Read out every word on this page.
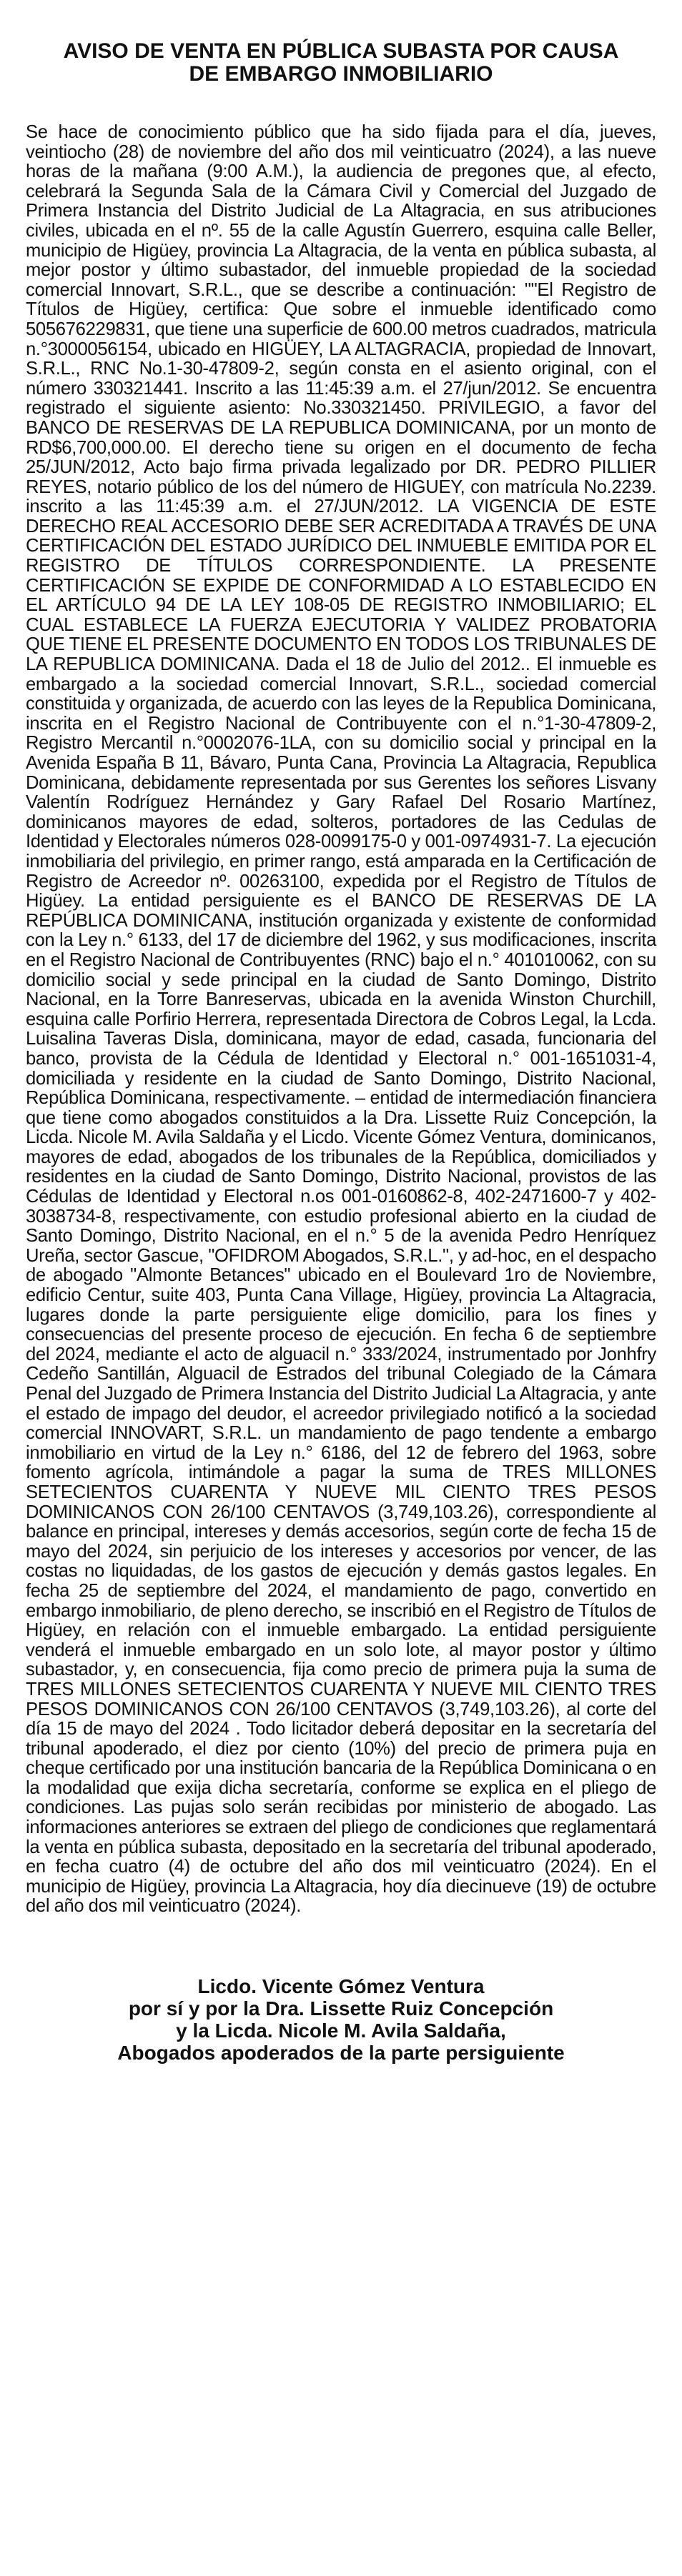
AVISO DE VENTA EN PÚBLICA SUBASTA POR CAUSA
DE EMBARGO INMOBILIARIO

Se hace de conocimiento público que ha sido fijada para el día, jueves, veintiocho (28) de noviembre del año dos mil veinticuatro (2024), a las nueve horas de la mañana (9:00 A.M.), la audiencia de pregones que, al efecto, celebrará la Segunda Sala de la Cámara Civil y Comercial del Juzgado de Primera Instancia del Distrito Judicial de La Altagracia, en sus atribuciones civiles, ubicada en el nº. 55 de la calle Agustín Guerrero, esquina calle Beller, municipio de Higüey, provincia La Altagracia, de la venta en pública subasta, al mejor postor y último subastador, del inmueble propiedad de la sociedad comercial Innovart, S.R.L., que se describe a continuación: ""El Registro de Títulos de Higüey, certifica: Que sobre el inmueble identificado como 505676229831, que tiene una superficie de 600.00 metros cuadrados, matricula n.°3000056154, ubicado en HIGÜEY, LA ALTAGRACIA, propiedad de Innovart, S.R.L., RNC No.1-30-47809-2, según consta en el asiento original, con el número 330321441. Inscrito a las 11:45:39 a.m. el 27/jun/2012. Se encuentra registrado el siguiente asiento: No.330321450. PRIVILEGIO, a favor del BANCO DE RESERVAS DE LA REPUBLICA DOMINICANA, por un monto de RD$6,700,000.00. El derecho tiene su origen en el documento de fecha 25/JUN/2012, Acto bajo firma privada legalizado por DR. PEDRO PILLIER REYES, notario público de los del número de HIGUEY, con matrícula No.2239. inscrito a las 11:45:39 a.m. el 27/JUN/2012. LA VIGENCIA DE ESTE DERECHO REAL ACCESORIO DEBE SER ACREDITADA A TRAVÉS DE UNA CERTIFICACIÓN DEL ESTADO JURÍDICO DEL INMUEBLE EMITIDA POR EL REGISTRO DE TÍTULOS CORRESPONDIENTE. LA PRESENTE CERTIFICACIÓN SE EXPIDE DE CONFORMIDAD A LO ESTABLECIDO EN EL ARTÍCULO 94 DE LA LEY 108-05 DE REGISTRO INMOBILIARIO; EL CUAL ESTABLECE LA FUERZA EJECUTORIA Y VALIDEZ PROBATORIA QUE TIENE EL PRESENTE DOCUMENTO EN TODOS LOS TRIBUNALES DE LA REPUBLICA DOMINICANA. Dada el 18 de Julio del 2012.. El inmueble es embargado a la sociedad comercial Innovart, S.R.L., sociedad comercial constituida y organizada, de acuerdo con las leyes de la Republica Dominicana, inscrita en el Registro Nacional de Contribuyente con el n.°1-30-47809-2, Registro Mercantil n.°0002076-1LA, con su domicilio social y principal en la Avenida España B 11, Bávaro, Punta Cana, Provincia La Altagracia, Republica Dominicana, debidamente representada por sus Gerentes los señores Lisvany Valentín Rodríguez Hernández y Gary Rafael Del Rosario Martínez, dominicanos mayores de edad, solteros, portadores de las Cedulas de Identidad y Electorales números 028-0099175-0 y 001-0974931-7. La ejecución inmobiliaria del privilegio, en primer rango, está amparada en la Certificación de Registro de Acreedor nº. 00263100, expedida por el Registro de Títulos de Higüey. La entidad persiguiente es el BANCO DE RESERVAS DE LA REPÚBLICA DOMINICANA, institución organizada y existente de conformidad con la Ley n.° 6133, del 17 de diciembre del 1962, y sus modificaciones, inscrita en el Registro Nacional de Contribuyentes (RNC) bajo el n.° 401010062, con su domicilio social y sede principal en la ciudad de Santo Domingo, Distrito Nacional, en la Torre Banreservas, ubicada en la avenida Winston Churchill, esquina calle Porfirio Herrera, representada Directora de Cobros Legal, la Lcda. Luisalina Taveras Disla, dominicana, mayor de edad, casada, funcionaria del banco, provista de la Cédula de Identidad y Electoral n.° 001-1651031-4, domiciliada y residente en la ciudad de Santo Domingo, Distrito Nacional, República Dominicana, respectivamente. – entidad de intermediación financiera que tiene como abogados constituidos a la Dra. Lissette Ruiz Concepción, la Licda. Nicole M. Avila Saldaña y el Licdo. Vicente Gómez Ventura, dominicanos, mayores de edad, abogados de los tribunales de la República, domiciliados y residentes en la ciudad de Santo Domingo, Distrito Nacional, provistos de las Cédulas de Identidad y Electoral n.os 001-0160862-8, 402-2471600-7 y 402-3038734-8, respectivamente, con estudio profesional abierto en la ciudad de Santo Domingo, Distrito Nacional, en el n.° 5 de la avenida Pedro Henríquez Ureña, sector Gascue, "OFIDROM Abogados, S.R.L.", y ad-hoc, en el despacho de abogado "Almonte Betances" ubicado en el Boulevard 1ro de Noviembre, edificio Centur, suite 403, Punta Cana Village, Higüey, provincia La Altagracia, lugares donde la parte persiguiente elige domicilio, para los fines y consecuencias del presente proceso de ejecución. En fecha 6 de septiembre del 2024, mediante el acto de alguacil n.° 333/2024, instrumentado por Jonhfry Cedeño Santillán, Alguacil de Estrados del tribunal Colegiado de la Cámara Penal del Juzgado de Primera Instancia del Distrito Judicial La Altagracia, y ante el estado de impago del deudor, el acreedor privilegiado notificó a la sociedad comercial INNOVART, S.R.L. un mandamiento de pago tendente a embargo inmobiliario en virtud de la Ley n.° 6186, del 12 de febrero del 1963, sobre fomento agrícola, intimándole a pagar la suma de TRES MILLONES SETECIENTOS CUARENTA Y NUEVE MIL CIENTO TRES PESOS DOMINICANOS CON 26/100 CENTAVOS (3,749,103.26), correspondiente al balance en principal, intereses y demás accesorios, según corte de fecha 15 de mayo del 2024, sin perjuicio de los intereses y accesorios por vencer, de las costas no liquidadas, de los gastos de ejecución y demás gastos legales. En fecha 25 de septiembre del 2024, el mandamiento de pago, convertido en embargo inmobiliario, de pleno derecho, se inscribió en el Registro de Títulos de Higüey, en relación con el inmueble embargado. La entidad persiguiente venderá el inmueble embargado en un solo lote, al mayor postor y último subastador, y, en consecuencia, fija como precio de primera puja la suma de TRES MILLONES SETECIENTOS CUARENTA Y NUEVE MIL CIENTO TRES PESOS DOMINICANOS CON 26/100 CENTAVOS (3,749,103.26), al corte del día 15 de mayo del 2024 . Todo licitador deberá depositar en la secretaría del tribunal apoderado, el diez por ciento (10%) del precio de primera puja en cheque certificado por una institución bancaria de la República Dominicana o en la modalidad que exija dicha secretaría, conforme se explica en el pliego de condiciones. Las pujas solo serán recibidas por ministerio de abogado. Las informaciones anteriores se extraen del pliego de condiciones que reglamentará la venta en pública subasta, depositado en la secretaría del tribunal apoderado, en fecha cuatro (4) de octubre del año dos mil veinticuatro (2024). En el municipio de Higüey, provincia La Altagracia, hoy día diecinueve (19) de octubre del año dos mil veinticuatro (2024).

Licdo. Vicente Gómez Ventura
por sí y por la Dra. Lissette Ruiz Concepción
y la Licda. Nicole M. Avila Saldaña,
Abogados apoderados de la parte persiguiente
